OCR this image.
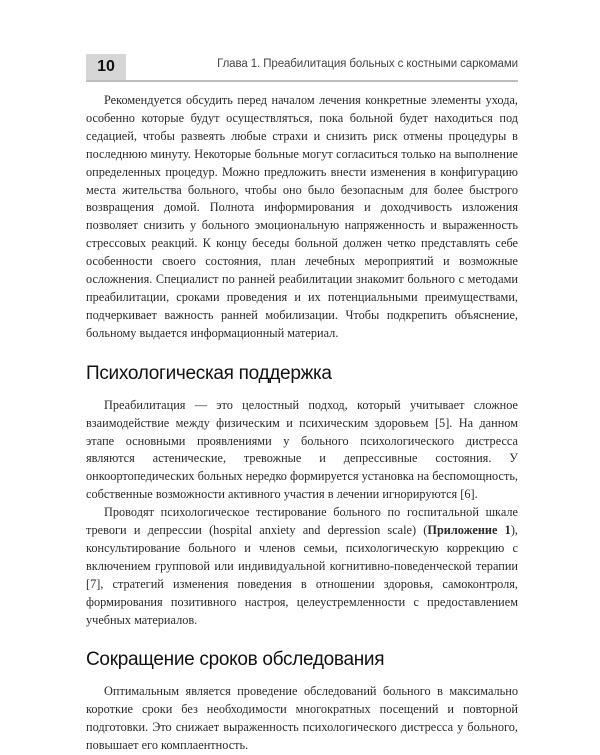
10	Глава 1. Преабилитация больных с костными саркомами

Рекомендуется обсудить перед началом лечения конкретные элементы ухода, особенно которые будут осуществляться, пока больной будет находиться под седацией, чтобы развеять любые страхи и снизить риск отмены процедуры в последнюю минуту. Некоторые больные могут согласиться только на выполнение определенных процедур. Можно предложить внести изменения в конфигурацию места жительства больного, чтобы оно было безопасным для более быстрого возвращения домой. Полнота информирования и доходчивость изложения позволяет снизить у больного эмоциональную напряженность и выраженность стрессовых реакций. К концу беседы больной должен четко представлять себе особенности своего состояния, план лечебных мероприятий и возможные осложнения. Специалист по ранней реабилитации знакомит больного с методами преабилитации, сроками проведения и их потенциальными преимуществами, подчеркивает важность ранней мобилизации. Чтобы подкрепить объяснение, больному выдается информационный материал.

Психологическая поддержка

Преабилитация — это целостный подход, который учитывает сложное взаимодействие между физическим и психическим здоровьем [5]. На данном этапе основными проявлениями у больного психологического дистресса являются астенические, тревожные и депрессивные состояния. У онкоортопедических больных нередко формируется установка на беспомощность, собственные возможности активного участия в лечении игнорируются [6].

Проводят психологическое тестирование больного по госпитальной шкале тревоги и депрессии (hospital anxiety and depression scale) (Приложение 1), консультирование больного и членов семьи, психологическую коррекцию с включением групповой или индивидуальной когнитивно-поведенческой терапии [7], стратегий изменения поведения в отношении здоровья, самоконтроля, формирования позитивного настроя, целеустремленности с предоставлением учебных материалов.

Сокращение сроков обследования

Оптимальным является проведение обследований больного в максимально короткие сроки без необходимости многократных посещений и повторной подготовки. Это снижает выраженность психологического дистресса у больного, повышает его комплаентность.
